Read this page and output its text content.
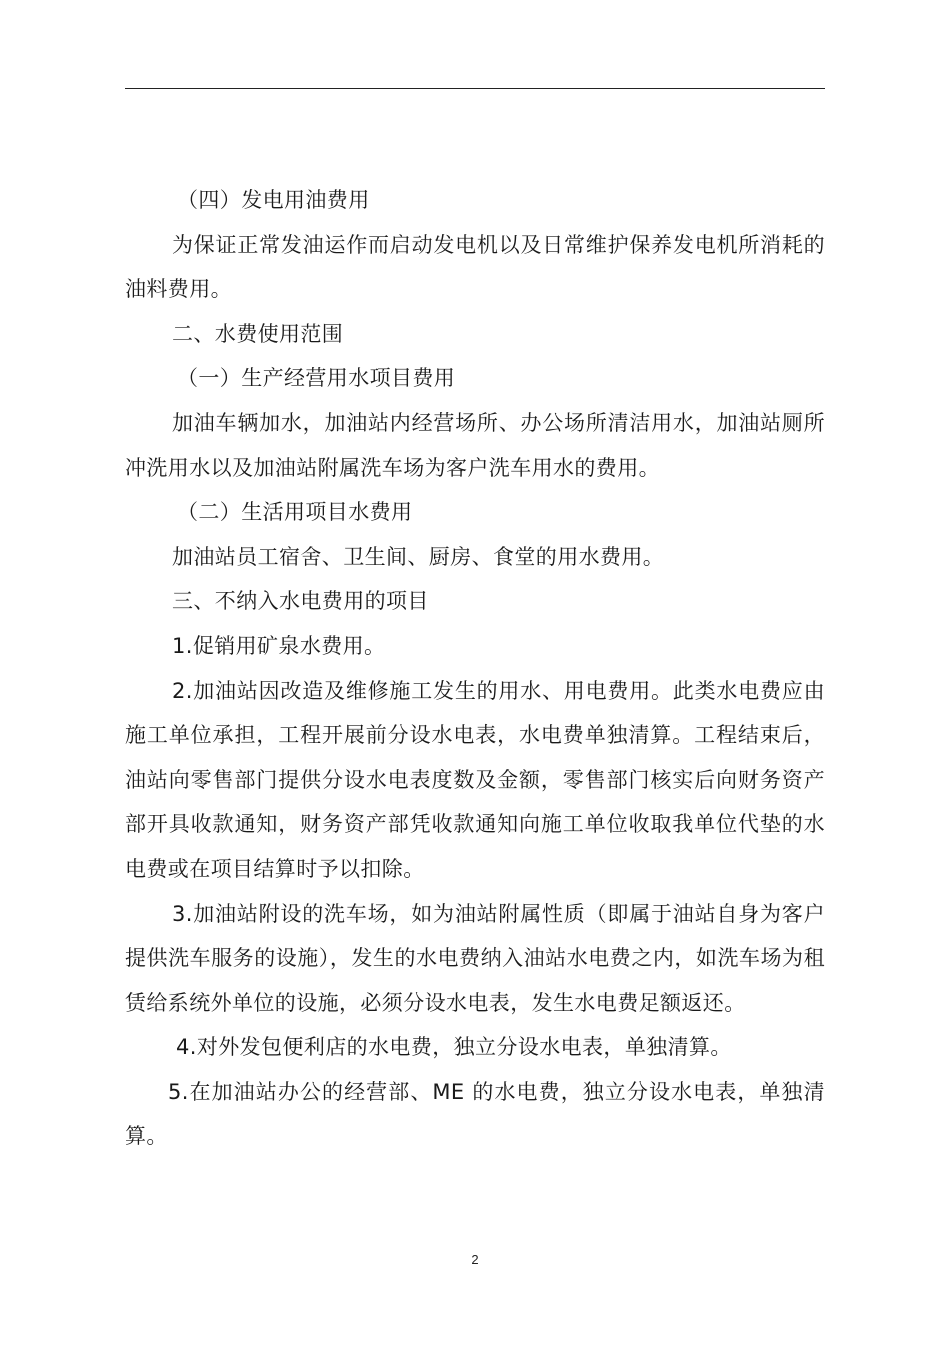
（四）发电用油费用

为保证正常发油运作而启动发电机以及日常维护保养发电机所消耗的油料费用。

二、水费使用范围

（一）生产经营用水项目费用

加油车辆加水，加油站内经营场所、办公场所清洁用水，加油站厕所冲洗用水以及加油站附属洗车场为客户洗车用水的费用。

（二）生活用项目水费用

加油站员工宿舍、卫生间、厨房、食堂的用水费用。

三、不纳入水电费用的项目

1.促销用矿泉水费用。

2.加油站因改造及维修施工发生的用水、用电费用。此类水电费应由施工单位承担，工程开展前分设水电表，水电费单独清算。工程结束后，油站向零售部门提供分设水电表度数及金额，零售部门核实后向财务资产部开具收款通知，财务资产部凭收款通知向施工单位收取我单位代垫的水电费或在项目结算时予以扣除。

3.加油站附设的洗车场，如为油站附属性质（即属于油站自身为客户提供洗车服务的设施），发生的水电费纳入油站水电费之内，如洗车场为租赁给系统外单位的设施，必须分设水电表，发生水电费足额返还。

4.对外发包便利店的水电费，独立分设水电表，单独清算。

5.在加油站办公的经营部、ME 的水电费，独立分设水电表，单独清算。

2
